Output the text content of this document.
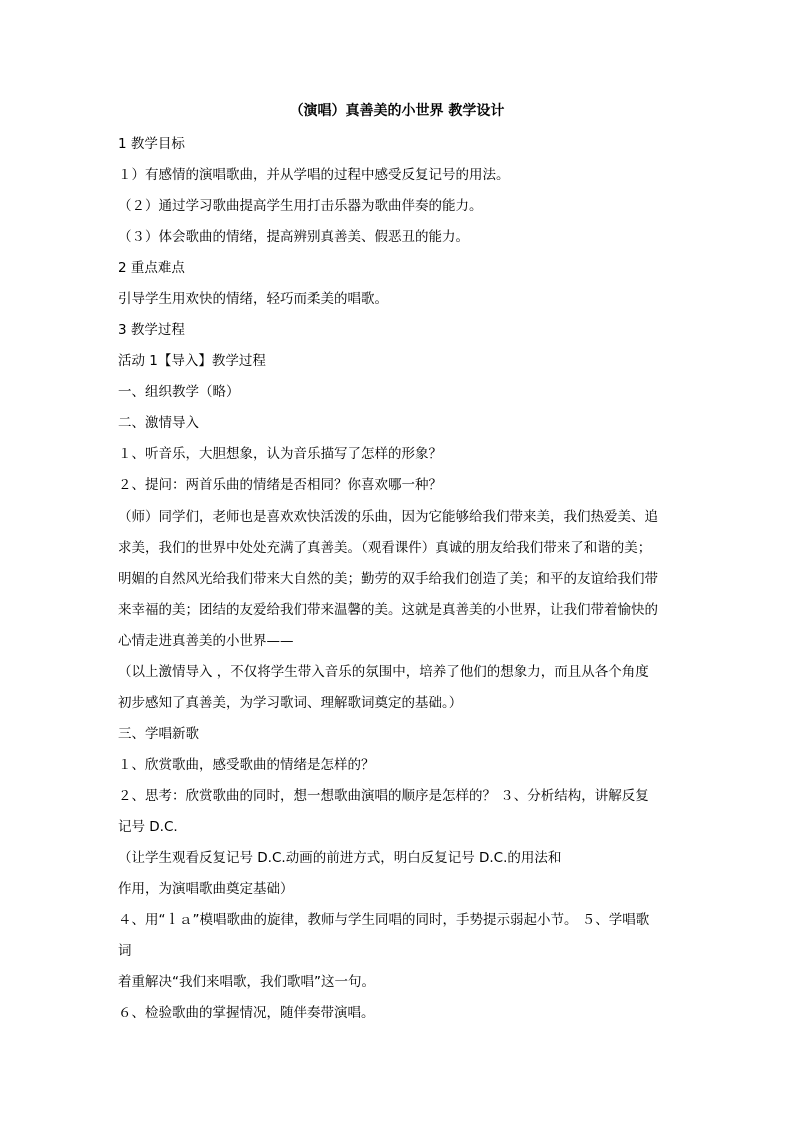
（演唱）真善美的小世界 教学设计
1 教学目标
１）有感情的演唱歌曲，并从学唱的过程中感受反复记号的用法。
（２）通过学习歌曲提高学生用打击乐器为歌曲伴奏的能力。
（３）体会歌曲的情绪，提高辨别真善美、假恶丑的能力。
2 重点难点
引导学生用欢快的情绪，轻巧而柔美的唱歌。
3 教学过程
活动 1【导入】教学过程
一、组织教学（略）
二、激情导入
１、听音乐，大胆想象，认为音乐描写了怎样的形象？
２、提问：两首乐曲的情绪是否相同？你喜欢哪一种？
（师）同学们，老师也是喜欢欢快活泼的乐曲，因为它能够给我们带来美，我们热爱美、追
求美，我们的世界中处处充满了真善美。（观看课件）真诚的朋友给我们带来了和谐的美；
明媚的自然风光给我们带来大自然的美；勤劳的双手给我们创造了美；和平的友谊给我们带
来幸福的美；团结的友爱给我们带来温馨的美。这就是真善美的小世界，让我们带着愉快的
心情走进真善美的小世界——
（以上激情导入 ，不仅将学生带入音乐的氛围中，培养了他们的想象力，而且从各个角度
初步感知了真善美，为学习歌词、理解歌词奠定的基础。）
三、学唱新歌
１、欣赏歌曲，感受歌曲的情绪是怎样的？
２、思考：欣赏歌曲的同时，想一想歌曲演唱的顺序是怎样的？ ３、分析结构，讲解反复
记号 D.C.
（让学生观看反复记号 D.C.动画的前进方式，明白反复记号 D.C.的用法和
作用，为演唱歌曲奠定基础）
４、用“ｌａ”模唱歌曲的旋律，教师与学生同唱的同时，手势提示弱起小节。 ５、学唱歌
词
着重解决“我们来唱歌，我们歌唱”这一句。
６、检验歌曲的掌握情况，随伴奏带演唱。
